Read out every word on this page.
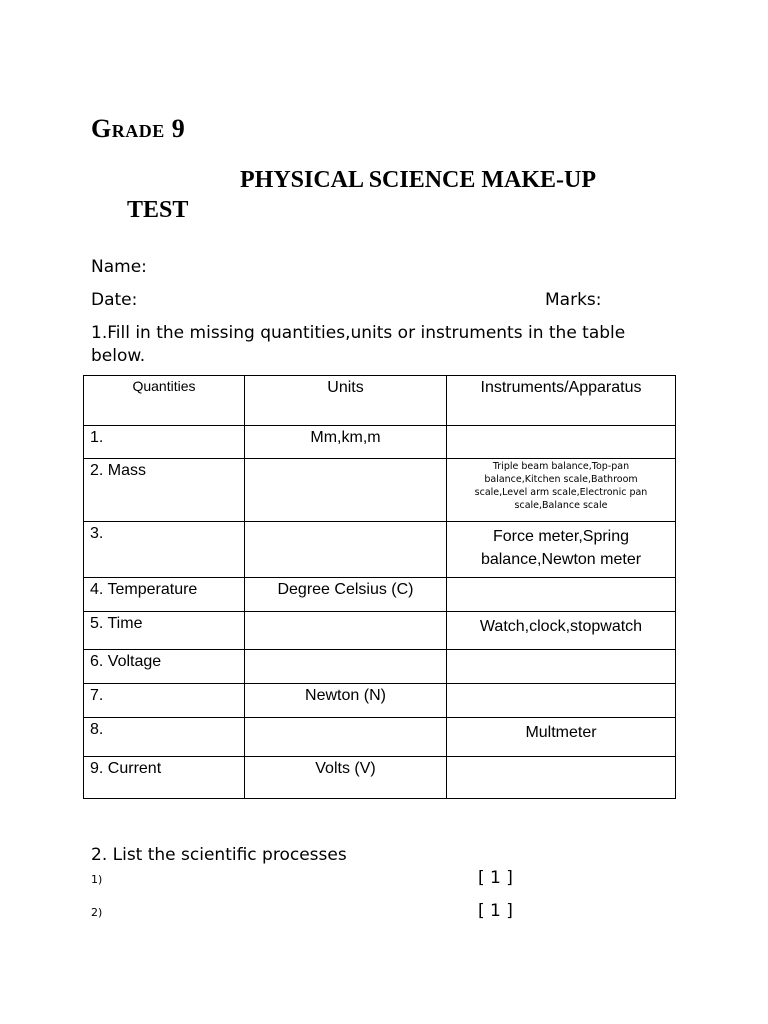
Grade 9
PHYSICAL SCIENCE MAKE-UP
TEST
Name:
Date:	Marks:
1.Fill in the missing quantities,units or instruments in the table below.
Quantities	Units	Instruments/Apparatus
1.	Mm,km,m	
2. Mass		Triple beam balance,Top-pan balance,Kitchen scale,Bathroom scale,Level arm scale,Electronic pan scale,Balance scale
3.		Force meter,Spring balance,Newton meter
4. Temperature	Degree Celsius (C)	
5. Time		Watch,clock,stopwatch
6. Voltage		
7.	Newton (N)	
8.		Multmeter
9. Current	Volts (V)	
2. List the scientific processes
1)	[ 1 ]
2)	[ 1 ]
